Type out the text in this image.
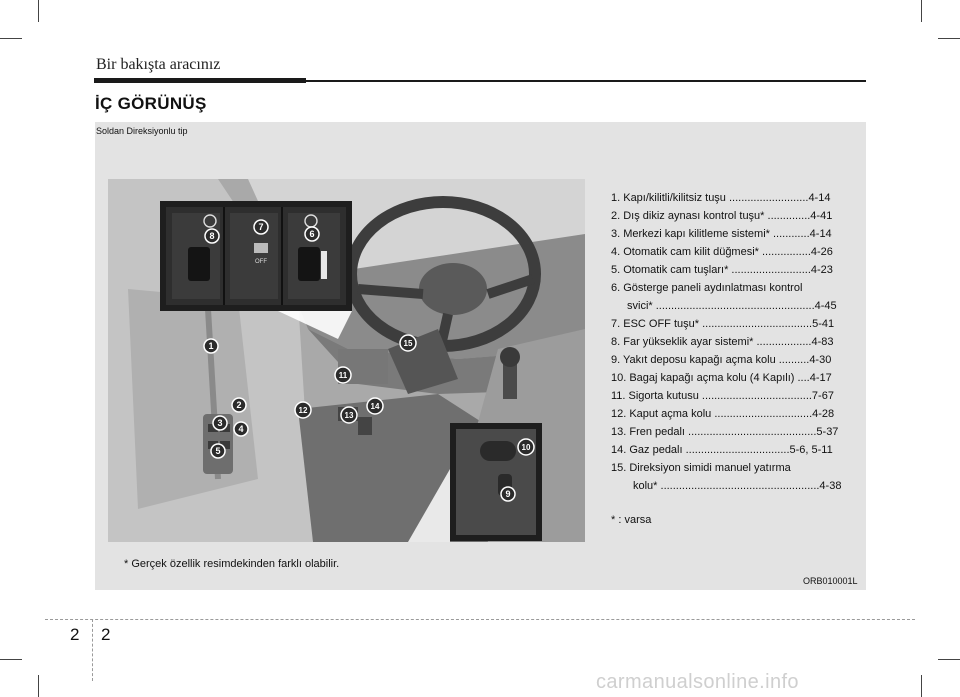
Bir bakışta aracınız
İÇ GÖRÜNÜŞ
Soldan Direksiyonlu tip
OFF
1
2
3
4
5
6
7
8
9
10
11
12
13
14
15
1. Kapı/kilitli/kilitsiz tuşu ..........................4-14
2. Dış dikiz aynası kontrol tuşu* ..............4-41
3. Merkezi kapı kilitleme sistemi* ............4-14
4. Otomatik cam kilit düğmesi* ................4-26
5. Otomatik cam tuşları* ..........................4-23
6. Gösterge paneli aydınlatması kontrol
svici* ....................................................4-45
7. ESC OFF tuşu* ....................................5-41
8. Far yükseklik ayar sistemi* ..................4-83
9. Yakıt deposu kapağı açma kolu ..........4-30
10. Bagaj kapağı açma kolu (4 Kapılı) ....4-17
11. Sigorta kutusu ....................................7-67
12. Kaput açma kolu ................................4-28
13. Fren pedalı ..........................................5-37
14. Gaz pedalı ..................................5-6, 5-11
15. Direksiyon simidi manuel yatırma
kolu* ....................................................4-38
* : varsa
* Gerçek özellik resimdekinden farklı olabilir.
ORB010001L
2 2
carmanualsonline.info
